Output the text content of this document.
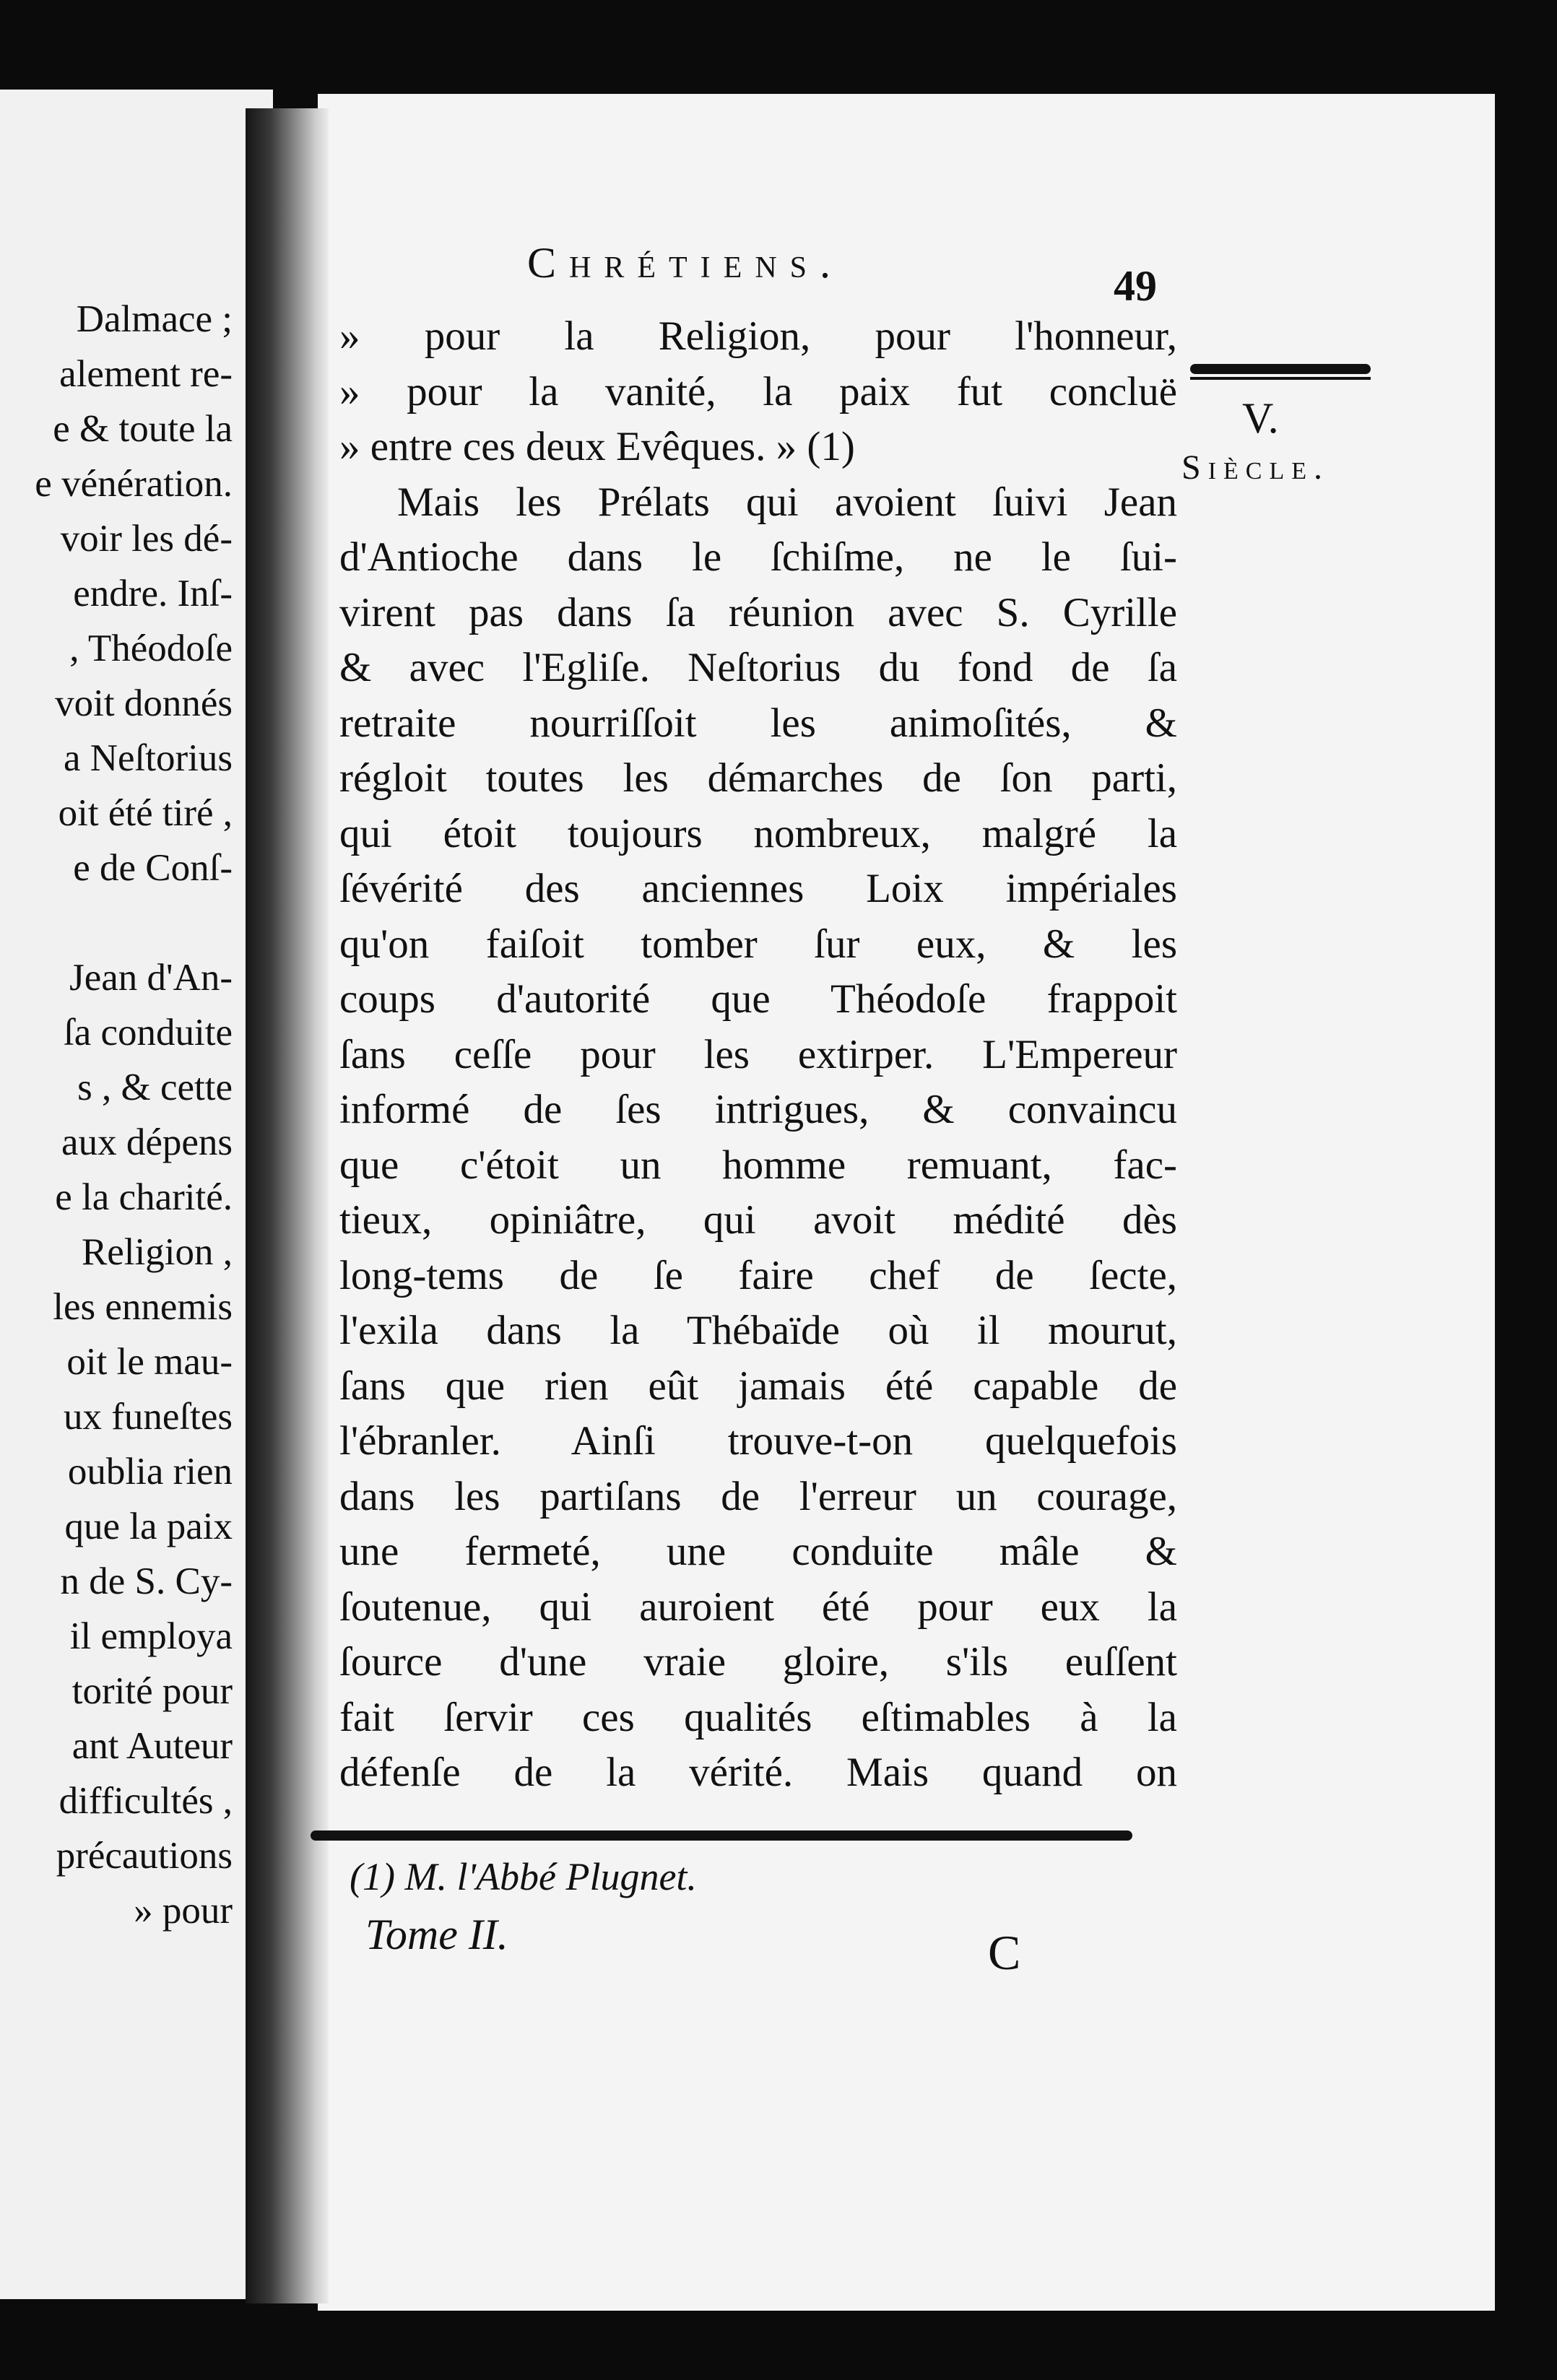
Dalmace ;
alement re-
e & toute la
e vénération.
voir les dé-
endre. Inſ-
, Théodoſe
voit donnés
a Neſtorius
oit été tiré ,
e de Conſ-
Jean d'An-
ſa conduite
s , & cette
aux dépens
e la charité.
Religion ,
les ennemis
oit le mau-
ux funeſtes
oublia rien
que la paix
n de S. Cy-
il employa
torité pour
ant Auteur
difficultés ,
précautions
» pour
Chrétiens.	49
V.
Siècle.
» pour la Religion, pour l'honneur,
» pour la vanité, la paix fut concluë
» entre ces deux Evêques. » (1)
Mais les Prélats qui avoient ſuivi Jean
d'Antioche dans le ſchiſme, ne le ſui-
virent pas dans ſa réunion avec S. Cyrille
& avec l'Egliſe. Neſtorius du fond de ſa
retraite nourriſſoit les animoſités, &
régloit toutes les démarches de ſon parti,
qui étoit toujours nombreux, malgré la
ſévérité des anciennes Loix impériales
qu'on faiſoit tomber ſur eux, & les
coups d'autorité que Théodoſe frappoit
ſans ceſſe pour les extirper. L'Empereur
informé de ſes intrigues, & convaincu
que c'étoit un homme remuant, fac-
tieux, opiniâtre, qui avoit médité dès
long-tems de ſe faire chef de ſecte,
l'exila dans la Thébaïde où il mourut,
ſans que rien eût jamais été capable de
l'ébranler. Ainſi trouve-t-on quelquefois
dans les partiſans de l'erreur un courage,
une fermeté, une conduite mâle &
ſoutenue, qui auroient été pour eux la
ſource d'une vraie gloire, s'ils euſſent
fait ſervir ces qualités eſtimables à la
défenſe de la vérité. Mais quand on
(1) M. l'Abbé Plugnet.
Tome II.	C
